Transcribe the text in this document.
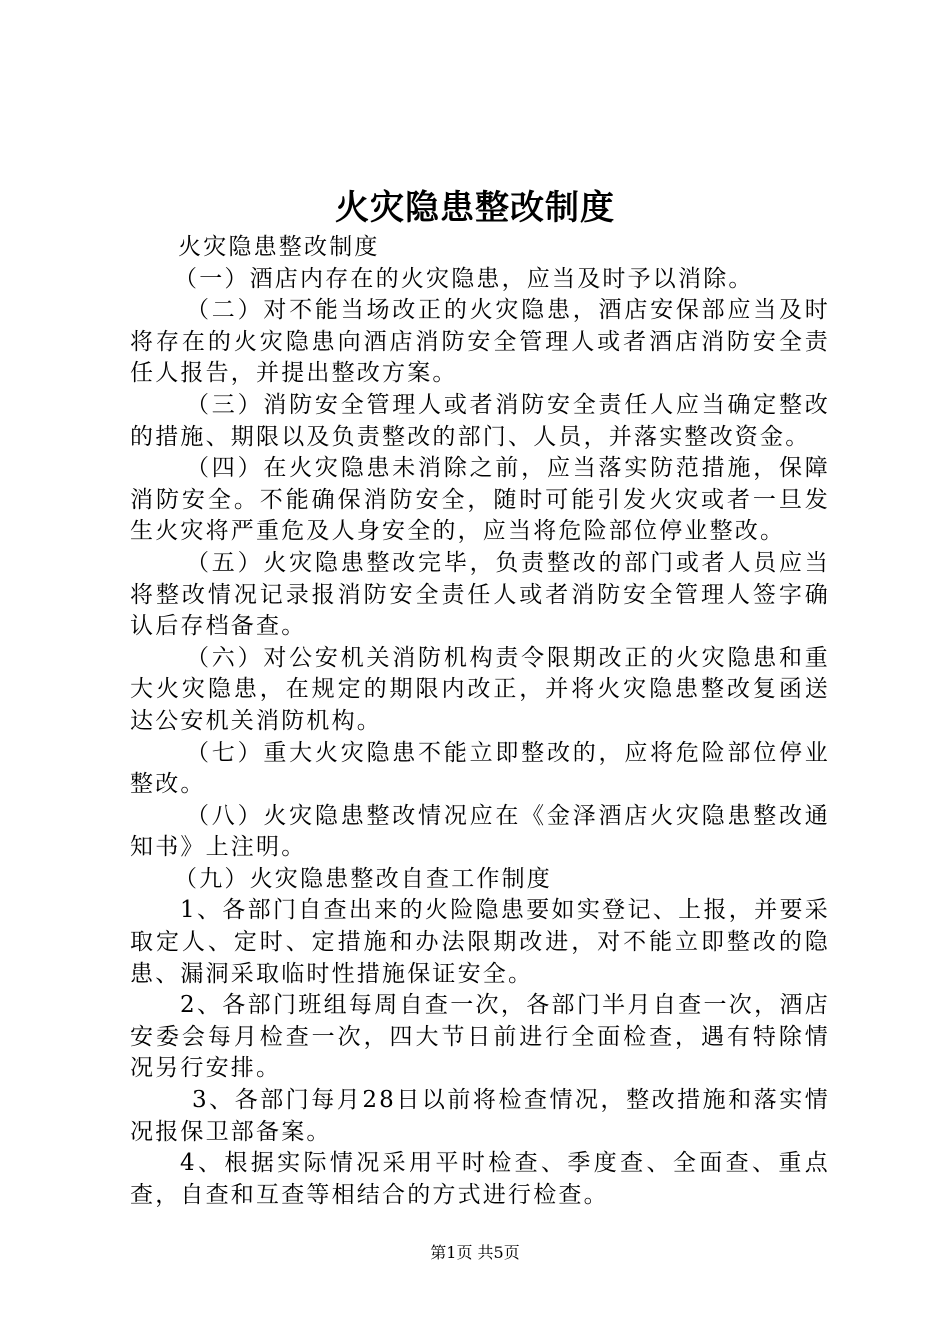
火灾隐患整改制度

火灾隐患整改制度

（一）酒店内存在的火灾隐患，应当及时予以消除。

（二）对不能当场改正的火灾隐患，酒店安保部应当及时将存在的火灾隐患向酒店消防安全管理人或者酒店消防安全责任人报告，并提出整改方案。

（三）消防安全管理人或者消防安全责任人应当确定整改的措施、期限以及负责整改的部门、人员，并落实整改资金。

（四）在火灾隐患未消除之前，应当落实防范措施，保障消防安全。不能确保消防安全，随时可能引发火灾或者一旦发生火灾将严重危及人身安全的，应当将危险部位停业整改。

（五）火灾隐患整改完毕，负责整改的部门或者人员应当将整改情况记录报消防安全责任人或者消防安全管理人签字确认后存档备查。

（六）对公安机关消防机构责令限期改正的火灾隐患和重大火灾隐患，在规定的期限内改正，并将火灾隐患整改复函送达公安机关消防机构。

（七）重大火灾隐患不能立即整改的，应将危险部位停业整改。

（八）火灾隐患整改情况应在《金泽酒店火灾隐患整改通知书》上注明。

（九）火灾隐患整改自查工作制度

1、各部门自查出来的火险隐患要如实登记、上报，并要采取定人、定时、定措施和办法限期改进，对不能立即整改的隐患、漏洞采取临时性措施保证安全。

2、各部门班组每周自查一次，各部门半月自查一次，酒店安委会每月检查一次，四大节日前进行全面检查，遇有特除情况另行安排。

3、各部门每月28日以前将检查情况，整改措施和落实情况报保卫部备案。

4、根据实际情况采用平时检查、季度查、全面查、重点查，自查和互查等相结合的方式进行检查。

第1页 共5页
